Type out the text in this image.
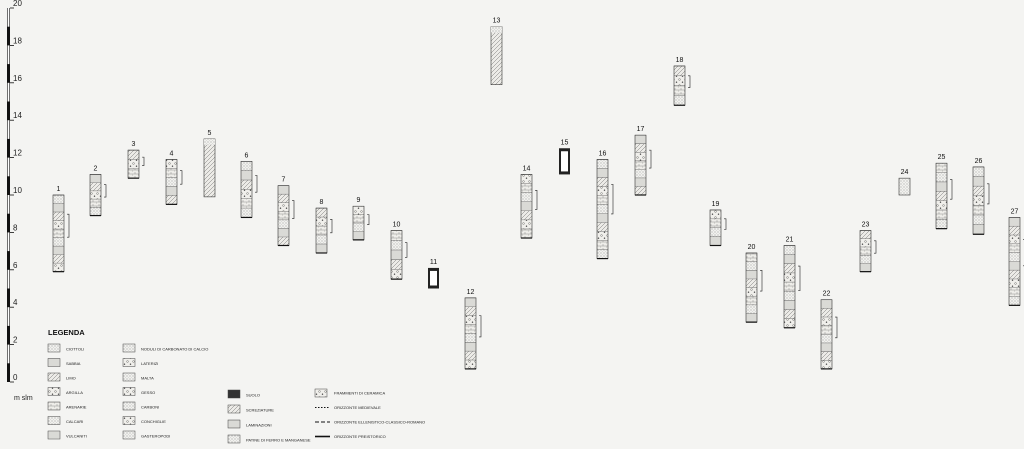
0
2
4
6
8
10
12
14
16
18
20
m slm
1
2
3
4
5
6
7
8	9
10
11
12
13
14
15
16
17
18
19
20
21
22
23
24
25
26
27
LEGENDA
CIOTTOLI
SABBIA
LIMO
ARGILLA
ARENARIE
CALCARI
VULCANITI
NODULI DI CARBONATO DI CALCIO
LATERIZI
MALTA
GESSO
CARBONI
CONCHIGLIE
GASTEROPODI
SUOLO
SCREZIATURE
LAMINAZIONI
PATINE DI FERRO E MANGANESE
FRAMMENTI DI CERAMICA
ORIZZONTE MEDIEVALE
ORIZZONTE ELLENISTICO-CLASSICO-ROMANO
ORIZZONTE PREISTORICO
